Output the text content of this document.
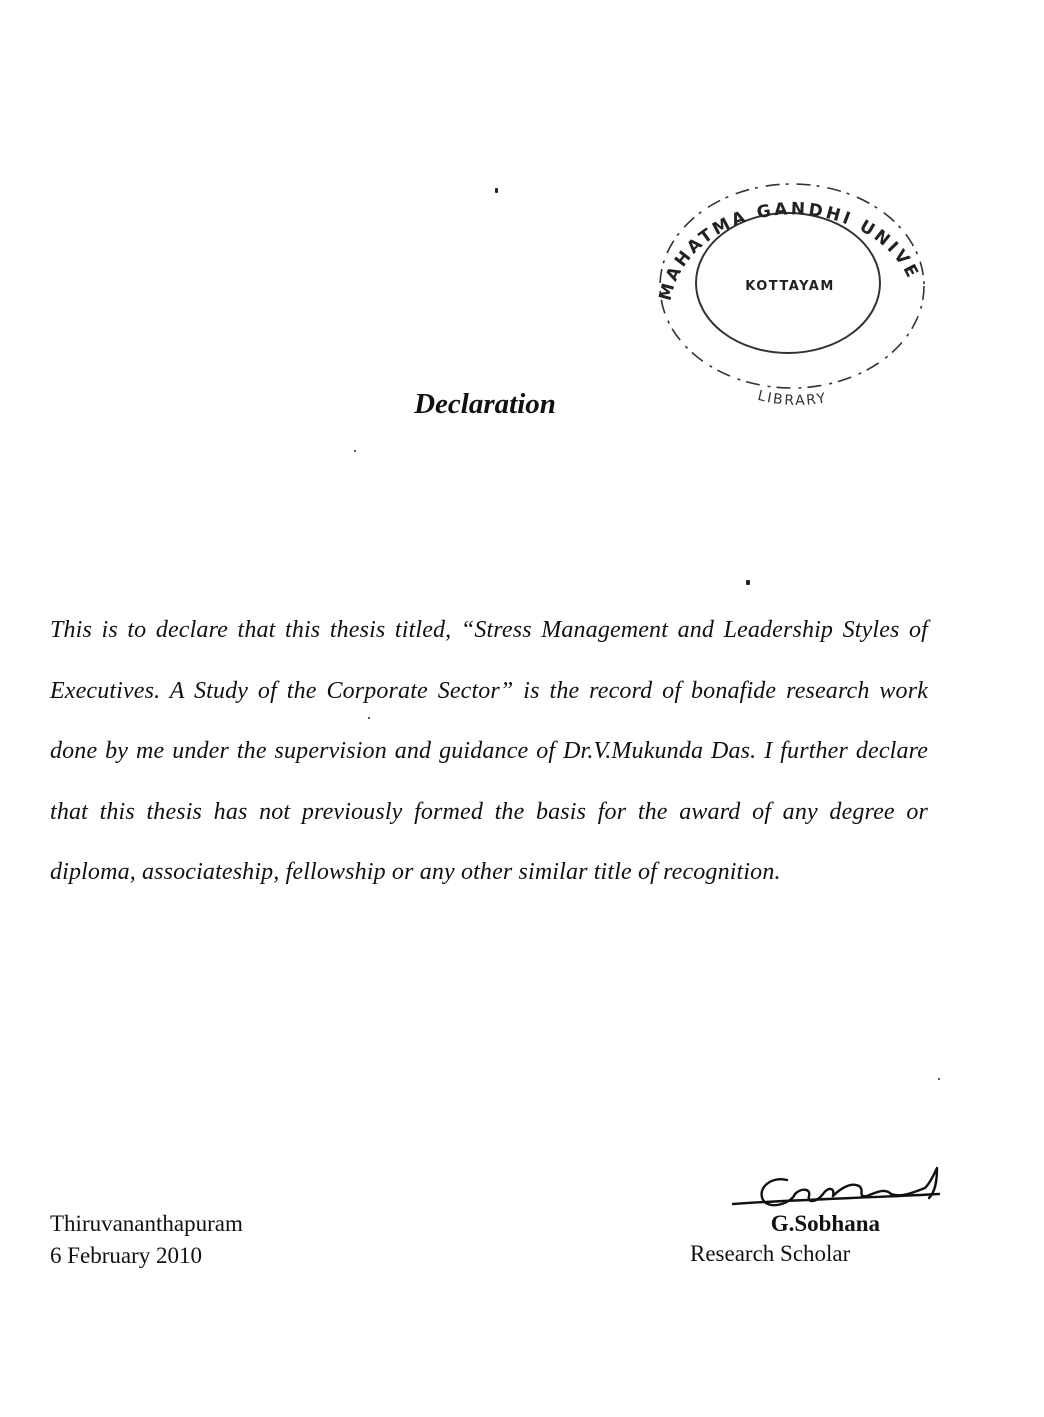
MAHATMA GANDHI UNIVE
LIBRARY
KOTTAYAM
Declaration
This is to declare that this thesis titled, “Stress Management and Leadership Styles of Executives. A Study of the Corporate Sector” is the record of bonafide research work done by me under the supervision and guidance of Dr.V.Mukunda Das. I further declare that this thesis has not previously formed the basis for the award of any degree or diploma, associateship, fellowship or any other similar title of recognition.
Thiruvananthapuram
6 February 2010
G.Sobhana
Research Scholar
